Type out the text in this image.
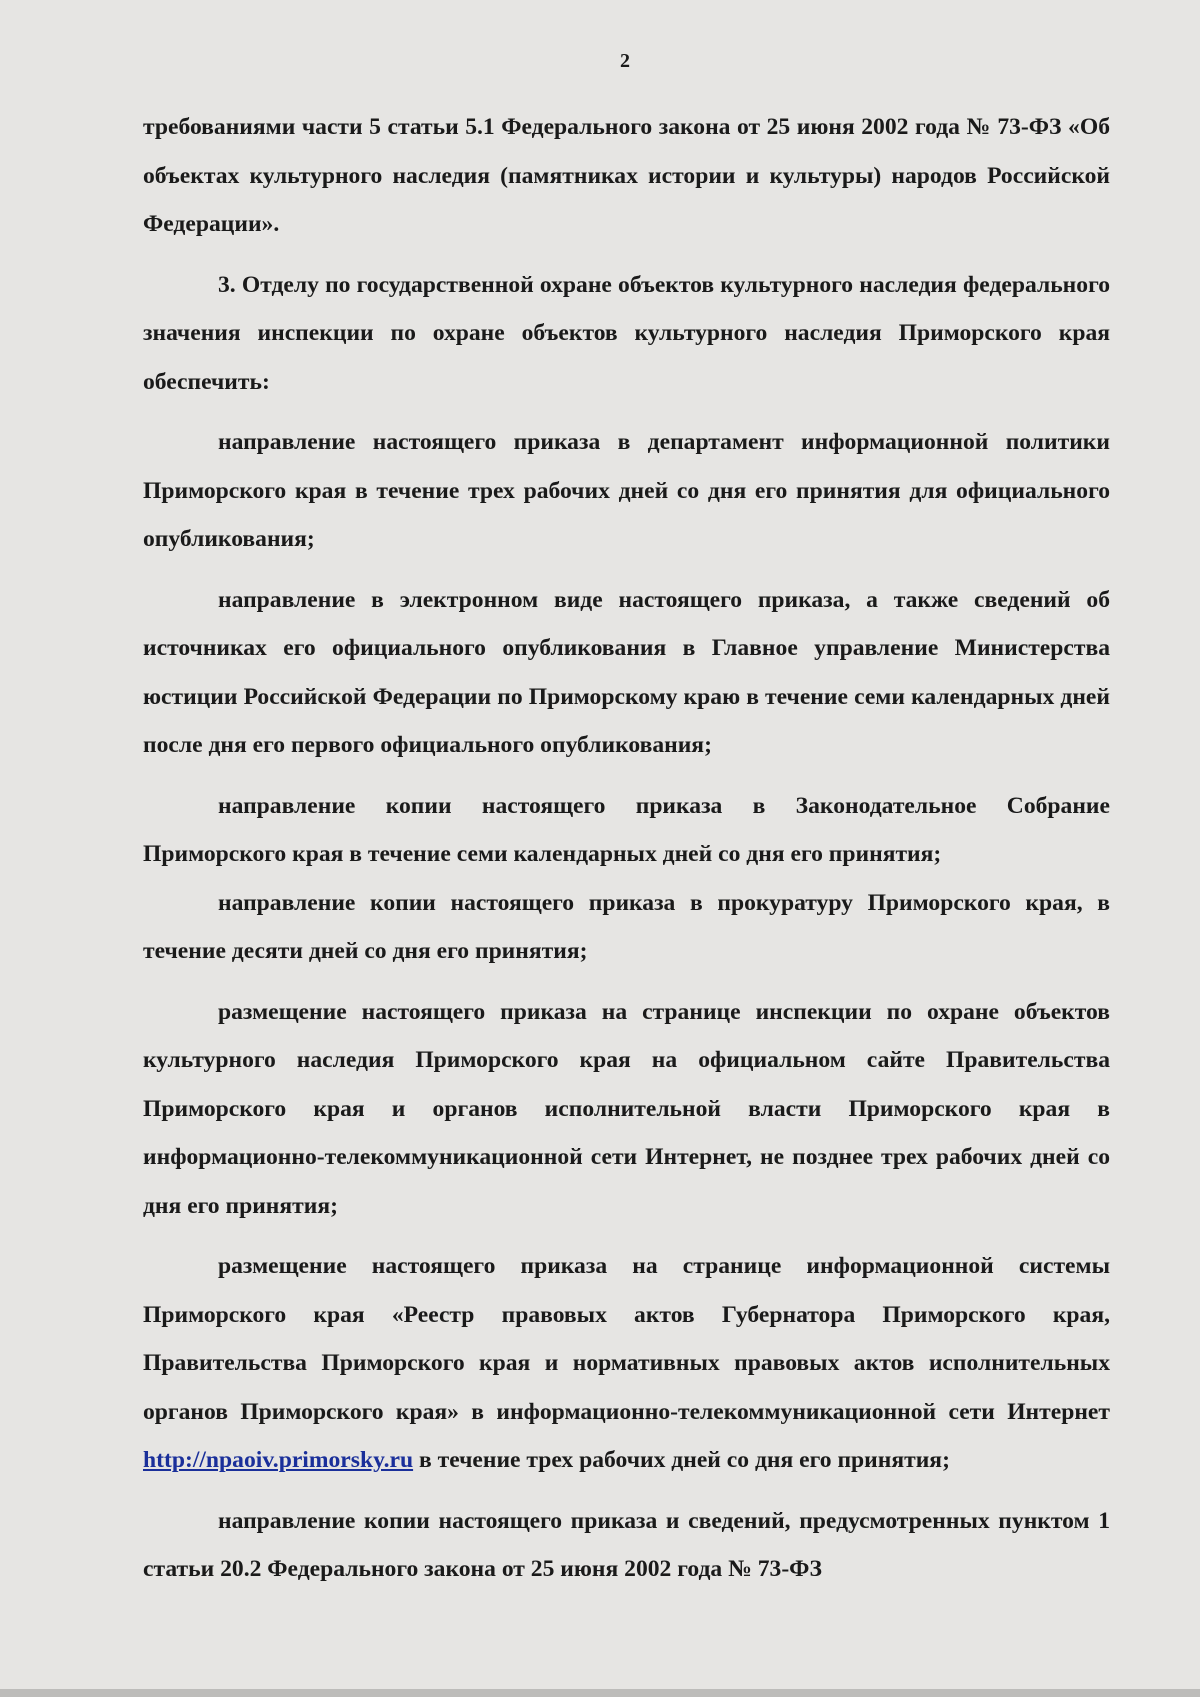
2

требованиями части 5 статьи 5.1 Федерального закона от 25 июня 2002 года № 73-ФЗ «Об объектах культурного наследия (памятниках истории и культуры) народов Российской Федерации».

3. Отделу по государственной охране объектов культурного наследия федерального значения инспекции по охране объектов культурного наследия Приморского края обеспечить:

направление настоящего приказа в департамент информационной политики Приморского края в течение трех рабочих дней со дня его принятия для официального опубликования;

направление в электронном виде настоящего приказа, а также сведений об источниках его официального опубликования в Главное управление Министерства юстиции Российской Федерации по Приморскому краю в течение семи календарных дней после дня его первого официального опубликования;

направление копии настоящего приказа в Законодательное Собрание Приморского края в течение семи календарных дней со дня его принятия;

направление копии настоящего приказа в прокуратуру Приморского края, в течение десяти дней со дня его принятия;

размещение настоящего приказа на странице инспекции по охране объектов культурного наследия Приморского края на официальном сайте Правительства Приморского края и органов исполнительной власти Приморского края в информационно-телекоммуникационной сети Интернет, не позднее трех рабочих дней со дня его принятия;

размещение настоящего приказа на странице информационной системы Приморского края «Реестр правовых актов Губернатора Приморского края, Правительства Приморского края и нормативных правовых актов исполнительных органов Приморского края» в информационно-телекоммуникационной сети Интернет http://npaoiv.primorsky.ru в течение трех рабочих дней со дня его принятия;

направление копии настоящего приказа и сведений, предусмотренных пунктом 1 статьи 20.2 Федерального закона от 25 июня 2002 года № 73-ФЗ
